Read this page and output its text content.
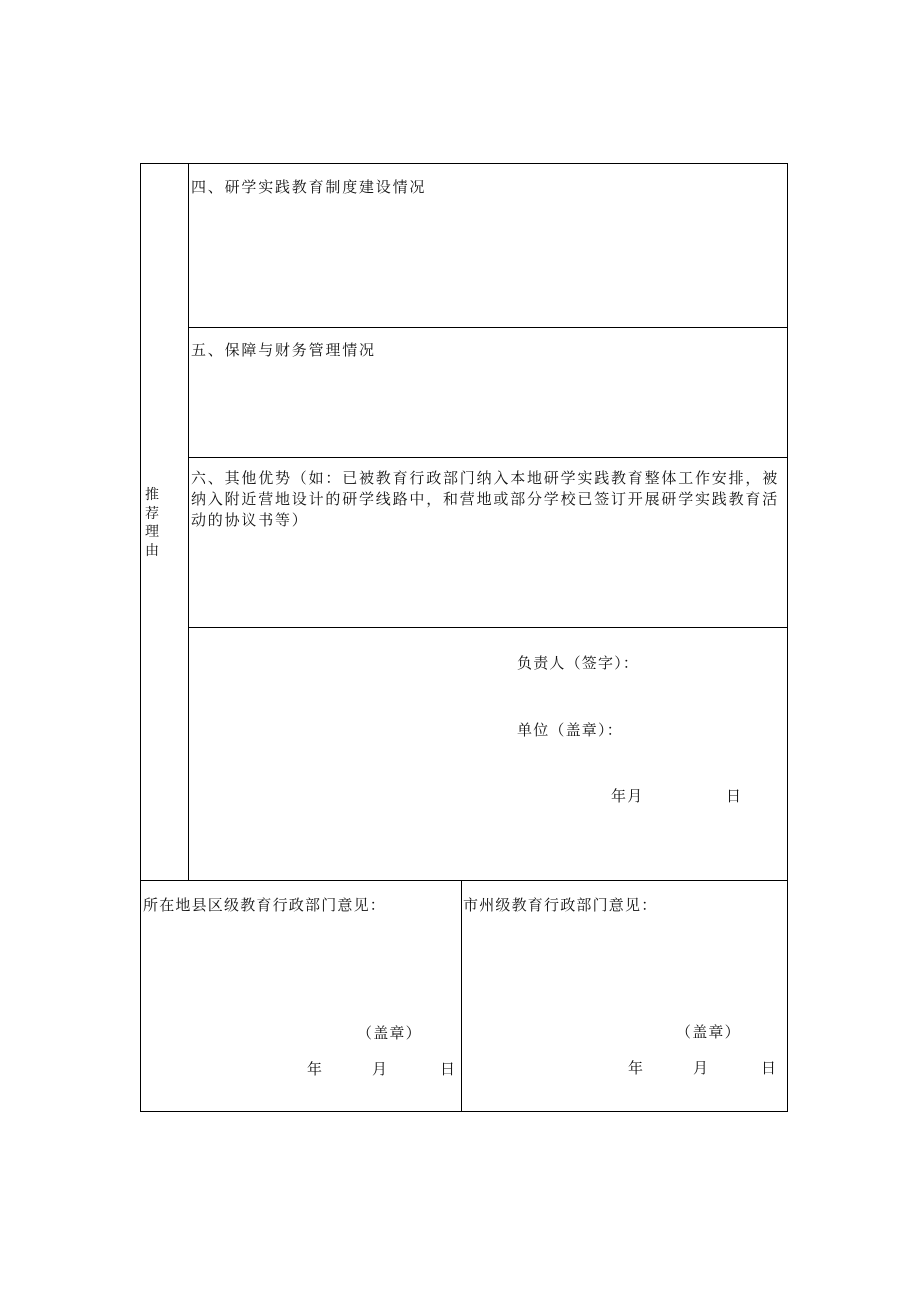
推荐理由
四、研学实践教育制度建设情况
五、保障与财务管理情况
六、其他优势（如：已被教育行政部门纳入本地研学实践教育整体工作安排，被
纳入附近营地设计的研学线路中，和营地或部分学校已签订开展研学实践教育活
动的协议书等）
负责人（签字）：
单位（盖章）：
年月	日
所在地县区级教育行政部门意见：
（盖章）
年	月	日
市州级教育行政部门意见：
（盖章）
年	月	日
